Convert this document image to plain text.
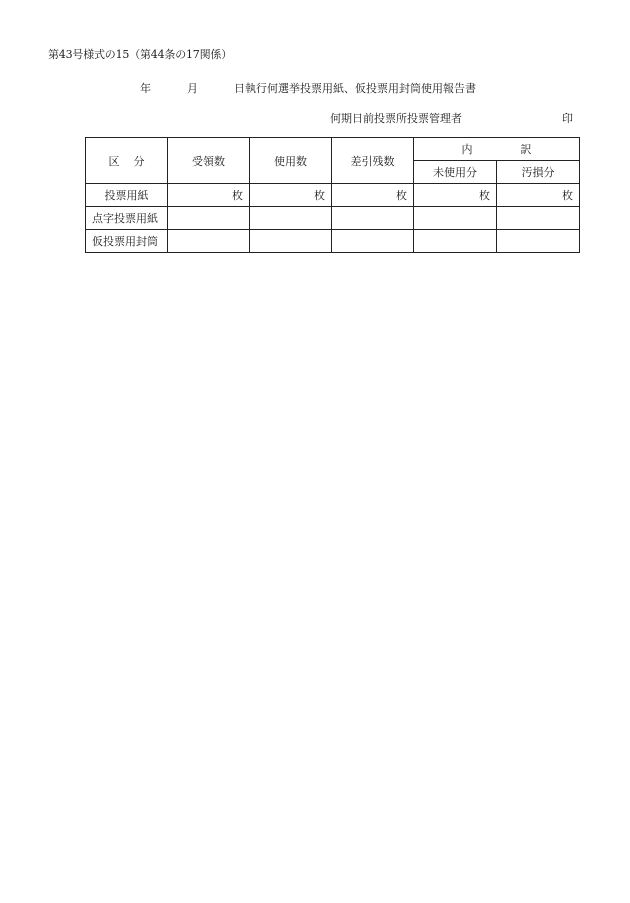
第43号様式の15（第44条の17関係）
年	月	日執行何選挙投票用紙、仮投票用封筒使用報告書
何期日前投票所投票管理者	印
区 分	受領数	使用数	差引残数	内 訳	
				未使用分	汚損分
投票用紙	枚	枚	枚	枚	枚
点字投票用紙					
仮投票用封筒					
